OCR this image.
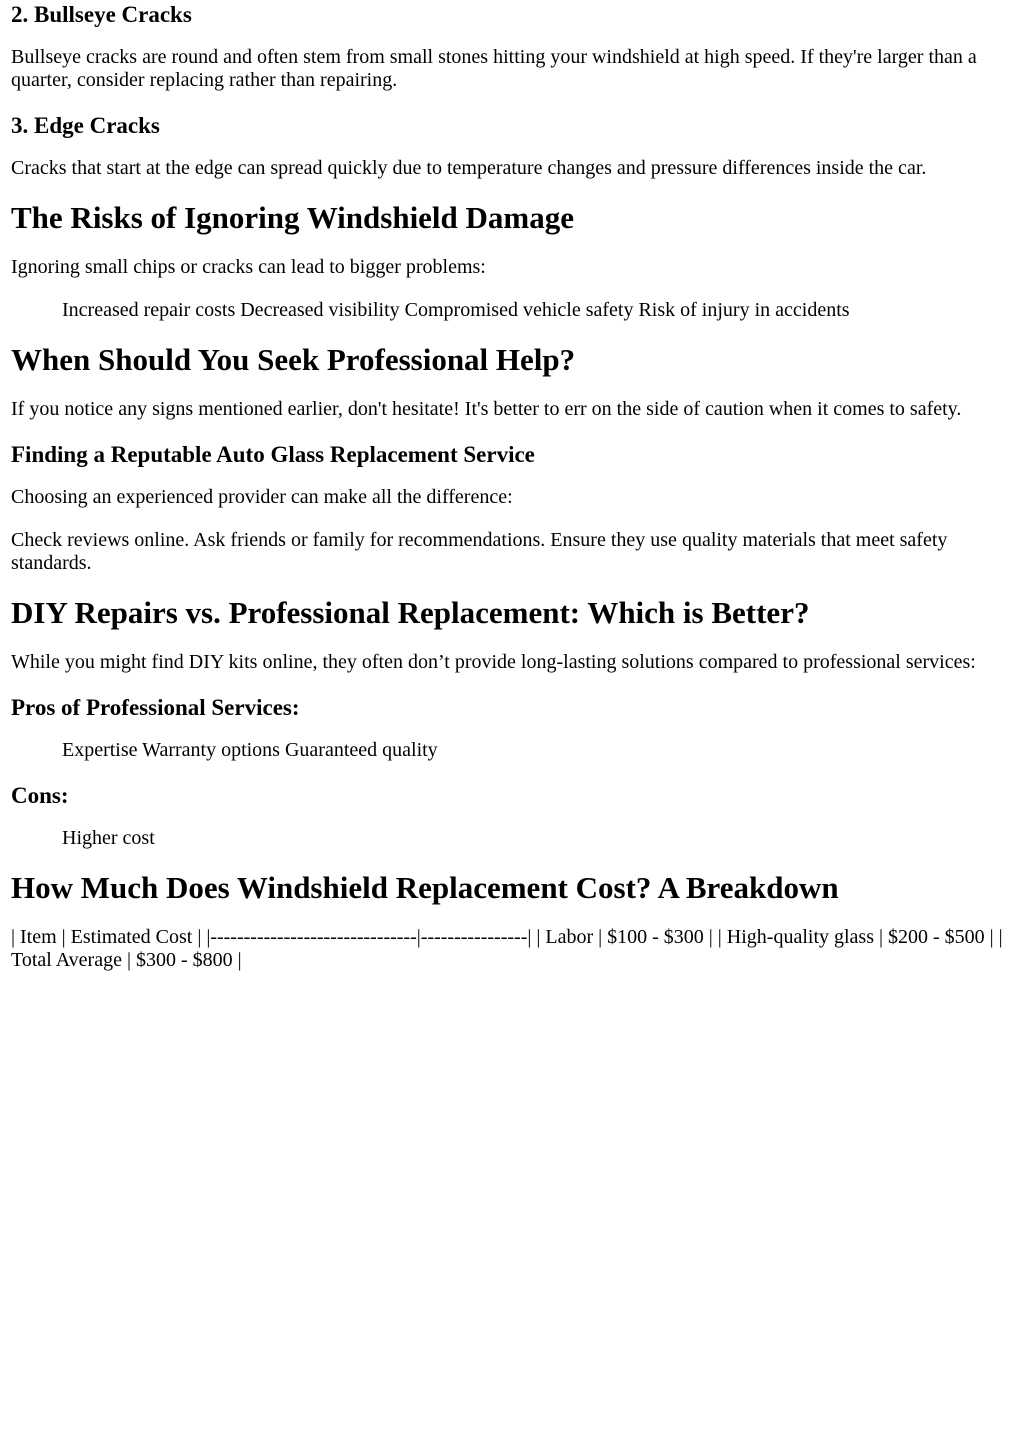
2. Bullseye Cracks

Bullseye cracks are round and often stem from small stones hitting your windshield at high speed. If they're larger than a quarter, consider replacing rather than repairing.

3. Edge Cracks

Cracks that start at the edge can spread quickly due to temperature changes and pressure differences inside the car.

The Risks of Ignoring Windshield Damage

Ignoring small chips or cracks can lead to bigger problems:

Increased repair costs Decreased visibility Compromised vehicle safety Risk of injury in accidents
When Should You Seek Professional Help?

If you notice any signs mentioned earlier, don't hesitate! It's better to err on the side of caution when it comes to safety.

Finding a Reputable Auto Glass Replacement Service

Choosing an experienced provider can make all the difference:

Check reviews online. Ask friends or family for recommendations. Ensure they use quality materials that meet safety standards.

DIY Repairs vs. Professional Replacement: Which is Better?

While you might find DIY kits online, they often don’t provide long-lasting solutions compared to professional services:

Pros of Professional Services:
Expertise Warranty options Guaranteed quality
Cons:
Higher cost
How Much Does Windshield Replacement Cost? A Breakdown

| Item | Estimated Cost | |-------------------------------|----------------| | Labor | $100 - $300 | | High-quality glass | $200 - $500 | | Total Average | $300 - $800 |
